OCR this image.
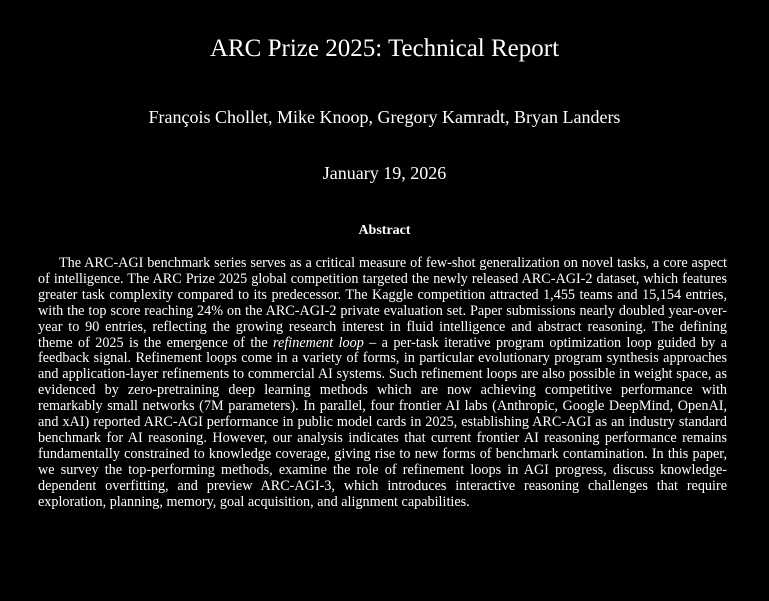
ARC Prize 2025: Technical Report
François Chollet, Mike Knoop, Gregory Kamradt, Bryan Landers
January 19, 2026
Abstract

The ARC-AGI benchmark series serves as a critical measure of few-shot generalization on novel tasks, a core aspect of intelligence. The ARC Prize 2025 global competition targeted the newly released ARC-AGI-2 dataset, which features greater task complexity compared to its predecessor. The Kaggle competition attracted 1,455 teams and 15,154 entries, with the top score reaching 24% on the ARC-AGI-2 private evaluation set. Paper submissions nearly doubled year-over-year to 90 entries, reflecting the growing research interest in fluid intelligence and abstract reasoning. The defining theme of 2025 is the emergence of the refinement loop – a per-task iterative program optimization loop guided by a feedback signal. Refinement loops come in a variety of forms, in particular evolutionary program synthesis approaches and application-layer refinements to commercial AI systems. Such refinement loops are also possible in weight space, as evidenced by zero-pretraining deep learning methods which are now achieving competitive performance with remarkably small networks (7M parameters). In parallel, four frontier AI labs (Anthropic, Google DeepMind, OpenAI, and xAI) reported ARC-AGI performance in public model cards in 2025, establishing ARC-AGI as an industry standard benchmark for AI reasoning. However, our analysis indicates that current frontier AI reasoning performance remains fundamentally constrained to knowledge coverage, giving rise to new forms of benchmark contamination. In this paper, we survey the top-performing methods, examine the role of refinement loops in AGI progress, discuss knowledge-dependent overfitting, and preview ARC-AGI-3, which introduces interactive reasoning challenges that require exploration, planning, memory, goal acquisition, and alignment capabilities.
